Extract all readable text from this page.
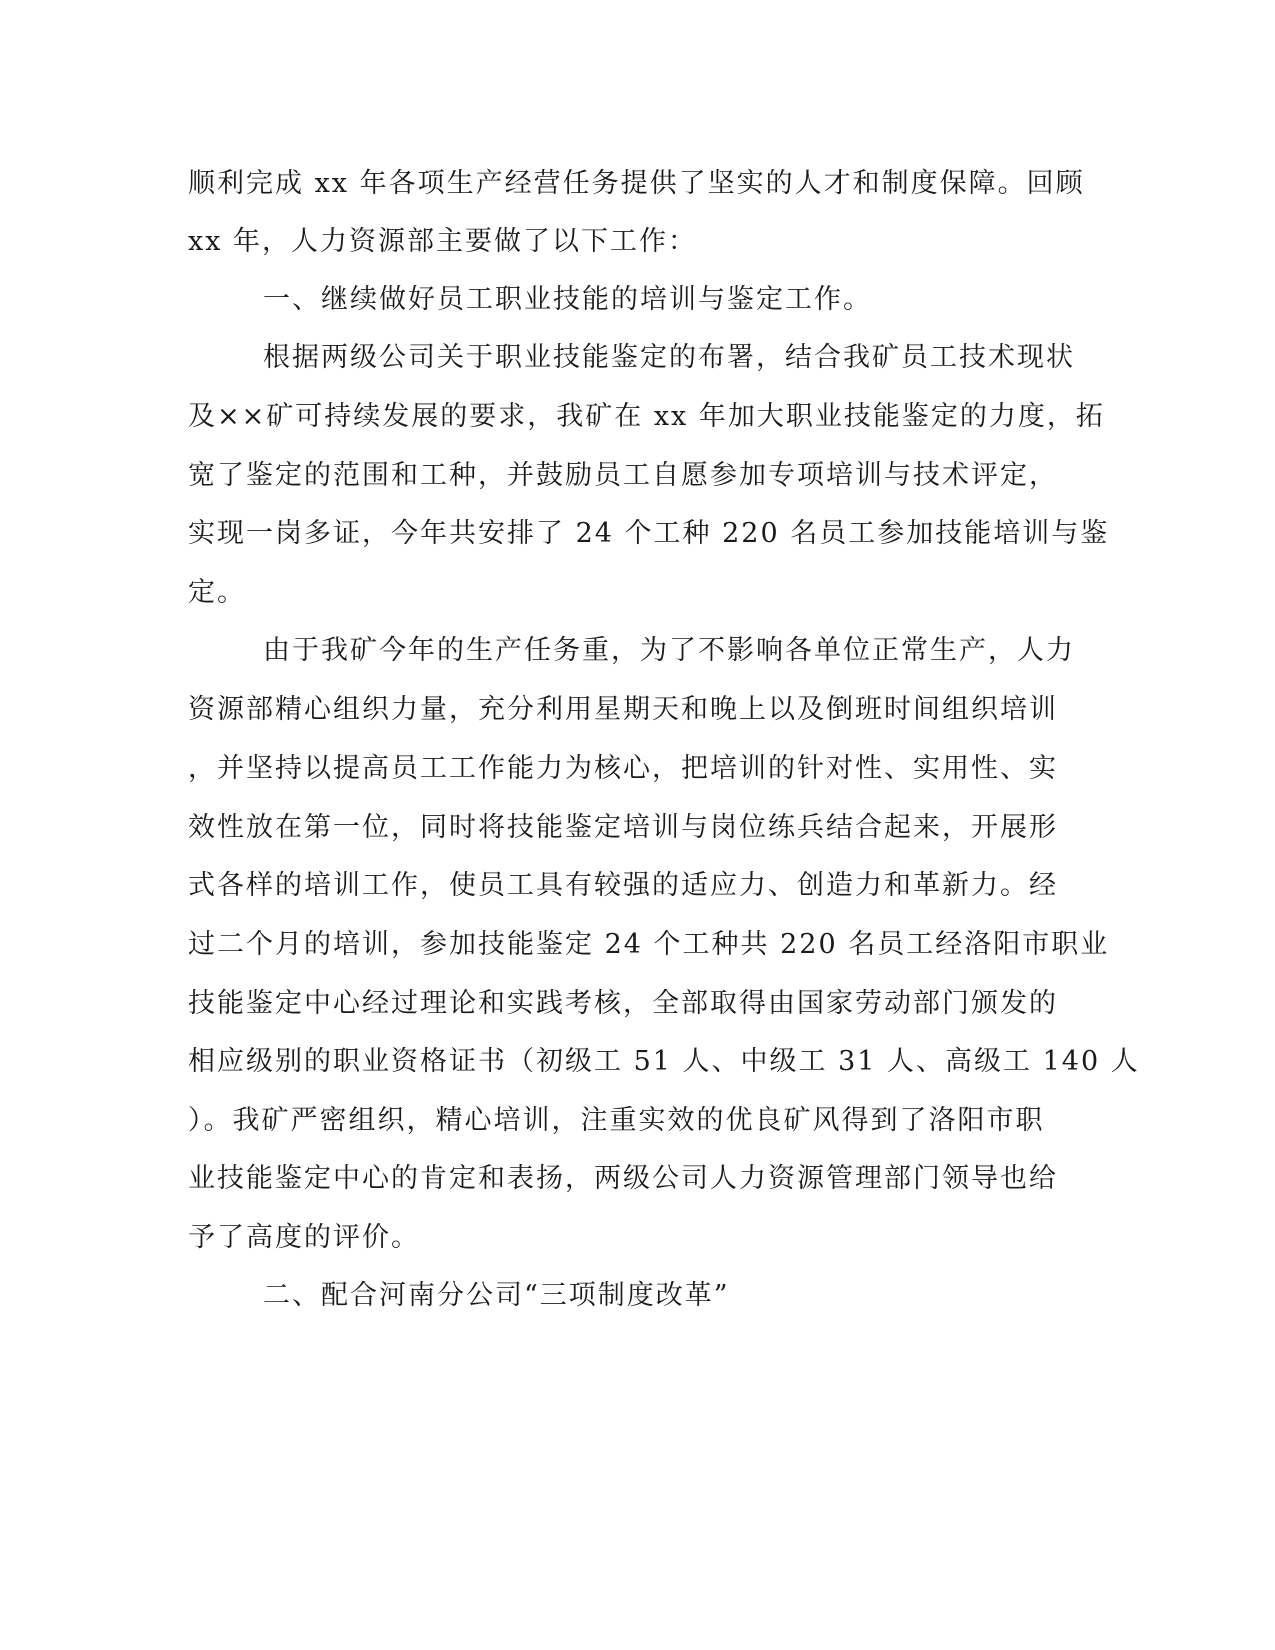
顺利完成 xx 年各项生产经营任务提供了坚实的人才和制度保障。回顾
xx 年，人力资源部主要做了以下工作：
一、继续做好员工职业技能的培训与鉴定工作。
根据两级公司关于职业技能鉴定的布署，结合我矿员工技术现状
及××矿可持续发展的要求，我矿在 xx 年加大职业技能鉴定的力度，拓
宽了鉴定的范围和工种，并鼓励员工自愿参加专项培训与技术评定，
实现一岗多证，今年共安排了 24 个工种 220 名员工参加技能培训与鉴
定。
由于我矿今年的生产任务重，为了不影响各单位正常生产，人力
资源部精心组织力量，充分利用星期天和晚上以及倒班时间组织培训
，并坚持以提高员工工作能力为核心，把培训的针对性、实用性、实
效性放在第一位，同时将技能鉴定培训与岗位练兵结合起来，开展形
式各样的培训工作，使员工具有较强的适应力、创造力和革新力。经
过二个月的培训，参加技能鉴定 24 个工种共 220 名员工经洛阳市职业
技能鉴定中心经过理论和实践考核，全部取得由国家劳动部门颁发的
相应级别的职业资格证书（初级工 51 人、中级工 31 人、高级工 140 人
）。我矿严密组织，精心培训，注重实效的优良矿风得到了洛阳市职
业技能鉴定中心的肯定和表扬，两级公司人力资源管理部门领导也给
予了高度的评价。
二、配合河南分公司“三项制度改革”
